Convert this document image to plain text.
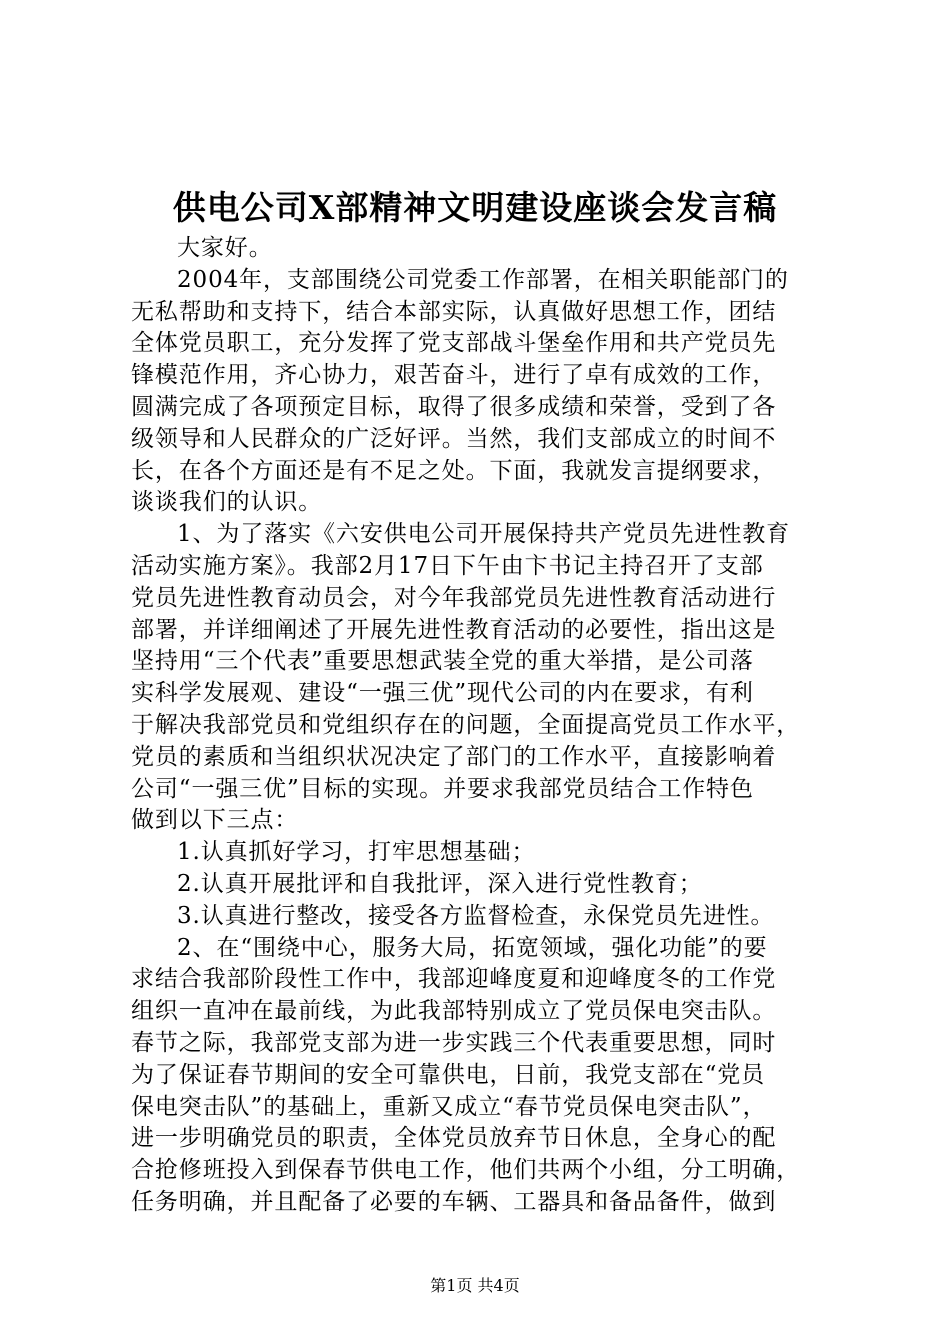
供电公司X部精神文明建设座谈会发言稿
大家好。
2004年，支部围绕公司党委工作部署，在相关职能部门的
无私帮助和支持下，结合本部实际，认真做好思想工作，团结
全体党员职工，充分发挥了党支部战斗堡垒作用和共产党员先
锋模范作用，齐心协力，艰苦奋斗，进行了卓有成效的工作，
圆满完成了各项预定目标，取得了很多成绩和荣誉，受到了各
级领导和人民群众的广泛好评。当然，我们支部成立的时间不
长，在各个方面还是有不足之处。下面，我就发言提纲要求，
谈谈我们的认识。
1、为了落实《六安供电公司开展保持共产党员先进性教育
活动实施方案》。我部2月17日下午由卞书记主持召开了支部
党员先进性教育动员会，对今年我部党员先进性教育活动进行
部署，并详细阐述了开展先进性教育活动的必要性，指出这是
坚持用“三个代表”重要思想武装全党的重大举措，是公司落
实科学发展观、建设“一强三优”现代公司的内在要求，有利
于解决我部党员和党组织存在的问题，全面提高党员工作水平，
党员的素质和当组织状况决定了部门的工作水平，直接影响着
公司“一强三优”目标的实现。并要求我部党员结合工作特色
做到以下三点：
1.认真抓好学习，打牢思想基础；
2.认真开展批评和自我批评，深入进行党性教育；
3.认真进行整改，接受各方监督检查，永保党员先进性。
2、在“围绕中心，服务大局，拓宽领域，强化功能”的要
求结合我部阶段性工作中，我部迎峰度夏和迎峰度冬的工作党
组织一直冲在最前线，为此我部特别成立了党员保电突击队。
春节之际，我部党支部为进一步实践三个代表重要思想，同时
为了保证春节期间的安全可靠供电，日前，我党支部在“党员
保电突击队”的基础上，重新又成立“春节党员保电突击队”，
进一步明确党员的职责，全体党员放弃节日休息，全身心的配
合抢修班投入到保春节供电工作，他们共两个小组，分工明确，
任务明确，并且配备了必要的车辆、工器具和备品备件，做到
第1页 共4页
